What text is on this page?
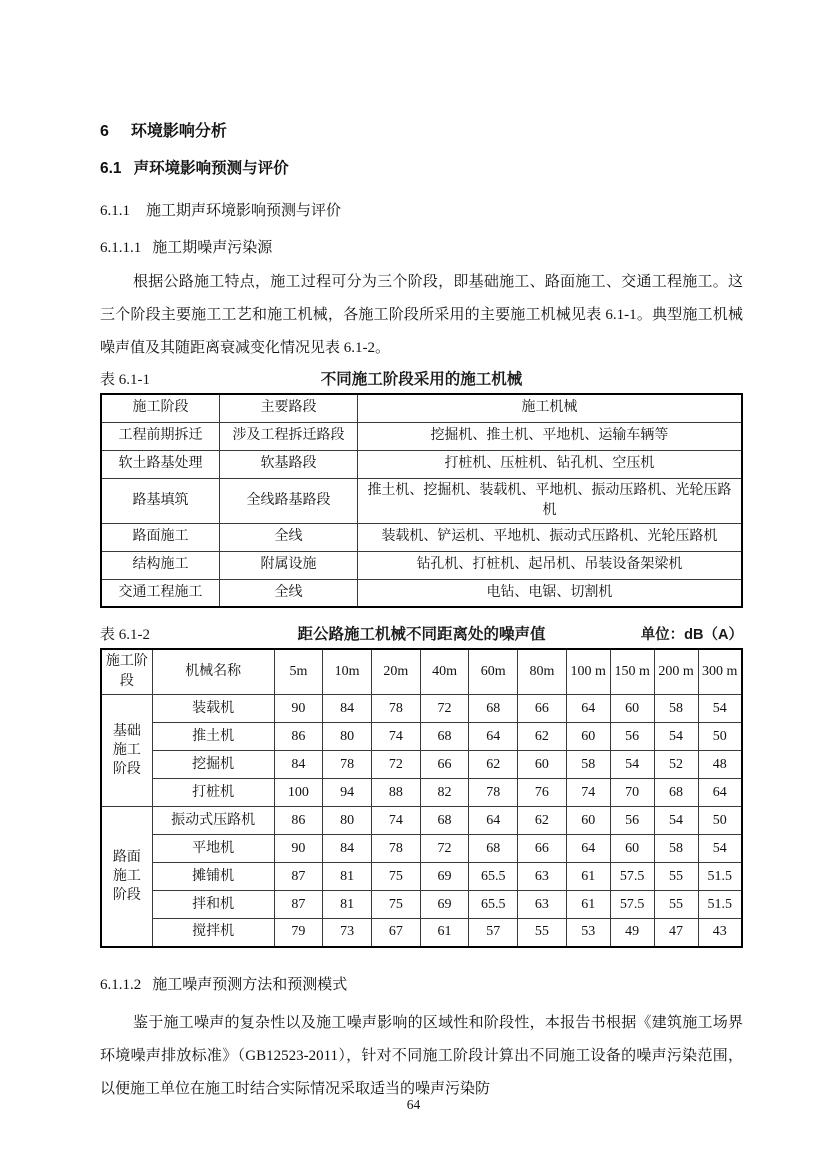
6 环境影响分析
6.1 声环境影响预测与评价
6.1.1 施工期声环境影响预测与评价
6.1.1.1 施工期噪声污染源

根据公路施工特点，施工过程可分为三个阶段，即基础施工、路面施工、交通工程施工。这三个阶段主要施工工艺和施工机械，各施工阶段所采用的主要施工机械见表 6.1-1。典型施工机械噪声值及其随距离衰减变化情况见表 6.1-2。

表 6.1-1	不同施工阶段采用的施工机械
施工阶段	主要路段	施工机械
工程前期拆迁	涉及工程拆迁路段	挖掘机、推土机、平地机、运输车辆等
软土路基处理	软基路段	打桩机、压桩机、钻孔机、空压机
路基填筑	全线路基路段	推土机、挖掘机、装载机、平地机、振动压路机、光轮压路机
路面施工	全线	装载机、铲运机、平地机、振动式压路机、光轮压路机
结构施工	附属设施	钻孔机、打桩机、起吊机、吊装设备架梁机
交通工程施工	全线	电钻、电锯、切割机
表 6.1-2	距公路施工机械不同距离处的噪声值	单位：dB（A）
施工阶段	机械名称	5m	10m	20m	40m	60m	80m	100 m	150 m	200 m	300 m
基础施工阶段	装载机	90	84	78	72	68	66	64	60	58	54
	推土机	86	80	74	68	64	62	60	56	54	50
	挖掘机	84	78	72	66	62	60	58	54	52	48
	打桩机	100	94	88	82	78	76	74	70	68	64
路面施工阶段	振动式压路机	86	80	74	68	64	62	60	56	54	50
	平地机	90	84	78	72	68	66	64	60	58	54
	摊铺机	87	81	75	69	65.5	63	61	57.5	55	51.5
	拌和机	87	81	75	69	65.5	63	61	57.5	55	51.5
	搅拌机	79	73	67	61	57	55	53	49	47	43
6.1.1.2 施工噪声预测方法和预测模式

鉴于施工噪声的复杂性以及施工噪声影响的区域性和阶段性，本报告书根据《建筑施工场界环境噪声排放标准》（GB12523-2011），针对不同施工阶段计算出不同施工设备的噪声污染范围，以便施工单位在施工时结合实际情况采取适当的噪声污染防

64
